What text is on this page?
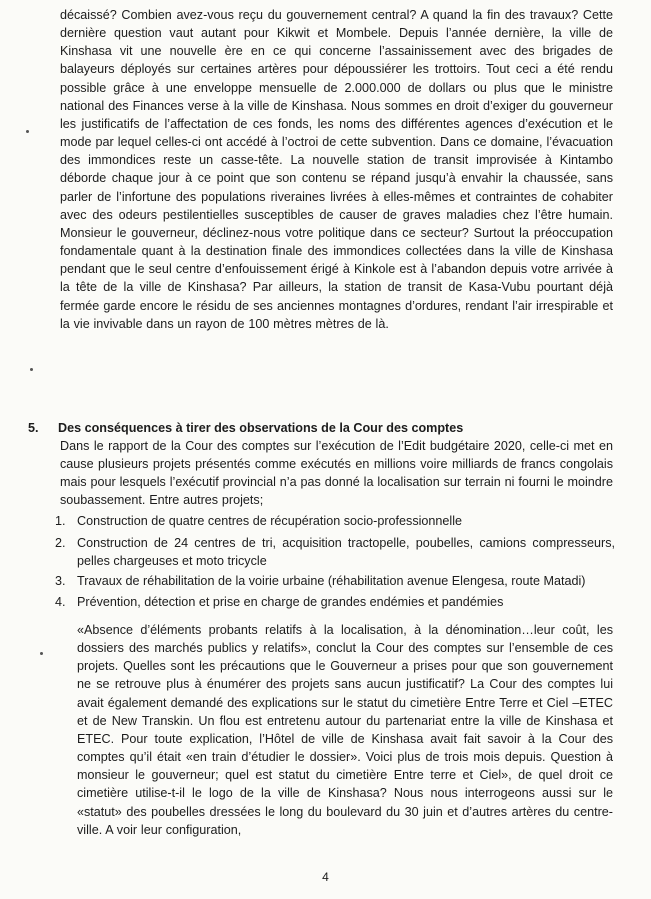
décaissé? Combien avez-vous reçu du gouvernement central? A quand la fin des travaux? Cette dernière question vaut autant pour Kikwit et Mombele. Depuis l’année dernière, la ville de Kinshasa vit une nouvelle ère en ce qui concerne l’assainissement avec des brigades de balayeurs déployés sur certaines artères pour dépoussiérer les trottoirs. Tout ceci a été rendu possible grâce à une enveloppe mensuelle de 2.000.000 de dollars ou plus que le ministre national des Finances verse à la ville de Kinshasa. Nous sommes en droit d’exiger du gouverneur les justificatifs de l’affectation de ces fonds, les noms des différentes agences d’exécution et le mode par lequel celles-ci ont accédé à l’octroi de cette subvention. Dans ce domaine, l’évacuation des immondices reste un casse-tête. La nouvelle station de transit improvisée à Kintambo déborde chaque jour à ce point que son contenu se répand jusqu’à envahir la chaussée, sans parler de l’infortune des populations riveraines livrées à elles-mêmes et contraintes de cohabiter avec des odeurs pestilentielles susceptibles de causer de graves maladies chez l’être humain. Monsieur le gouverneur, déclinez-nous votre politique dans ce secteur? Surtout la préoccupation fondamentale quant à la destination finale des immondices collectées dans la ville de Kinshasa pendant que le seul centre d’enfouissement érigé à Kinkole est à l’abandon depuis votre arrivée à la tête de la ville de Kinshasa? Par ailleurs, la station de transit de Kasa-Vubu pourtant déjà fermée garde encore le résidu de ses anciennes montagnes d’ordures, rendant l’air irrespirable et la vie invivable dans un rayon de 100 mètres mètres de là.

5. Des conséquences à tirer des observations de la Cour des comptes

Dans le rapport de la Cour des comptes sur l’exécution de l’Edit budgétaire 2020, celle-ci met en cause plusieurs projets présentés comme exécutés en millions voire milliards de francs congolais mais pour lesquels l’exécutif provincial n’a pas donné la localisation sur terrain ni fourni le moindre soubassement. Entre autres projets;

1. Construction de quatre centres de récupération socio-professionnelle
2. Construction de 24 centres de tri, acquisition tractopelle, poubelles, camions compresseurs, pelles chargeuses et moto tricycle
3. Travaux de réhabilitation de la voirie urbaine (réhabilitation avenue Elengesa, route Matadi)
4. Prévention, détection et prise en charge de grandes endémies et pandémies

«Absence d’éléments probants relatifs à la localisation, à la dénomination…leur coût, les dossiers des marchés publics y relatifs», conclut la Cour des comptes sur l’ensemble de ces projets. Quelles sont les précautions que le Gouverneur a prises pour que son gouvernement ne se retrouve plus à énumérer des projets sans aucun justificatif? La Cour des comptes lui avait également demandé des explications sur le statut du cimetière Entre Terre et Ciel –ETEC et de New Transkin. Un flou est entretenu autour du partenariat entre la ville de Kinshasa et ETEC. Pour toute explication, l’Hôtel de ville de Kinshasa avait fait savoir à la Cour des comptes qu’il était «en train d’étudier le dossier». Voici plus de trois mois depuis. Question à monsieur le gouverneur; quel est statut du cimetière Entre terre et Ciel», de quel droit ce cimetière utilise-t-il le logo de la ville de Kinshasa? Nous nous interrogeons aussi sur le «statut» des poubelles dressées le long du boulevard du 30 juin et d’autres artères du centre-ville. A voir leur configuration,

4
